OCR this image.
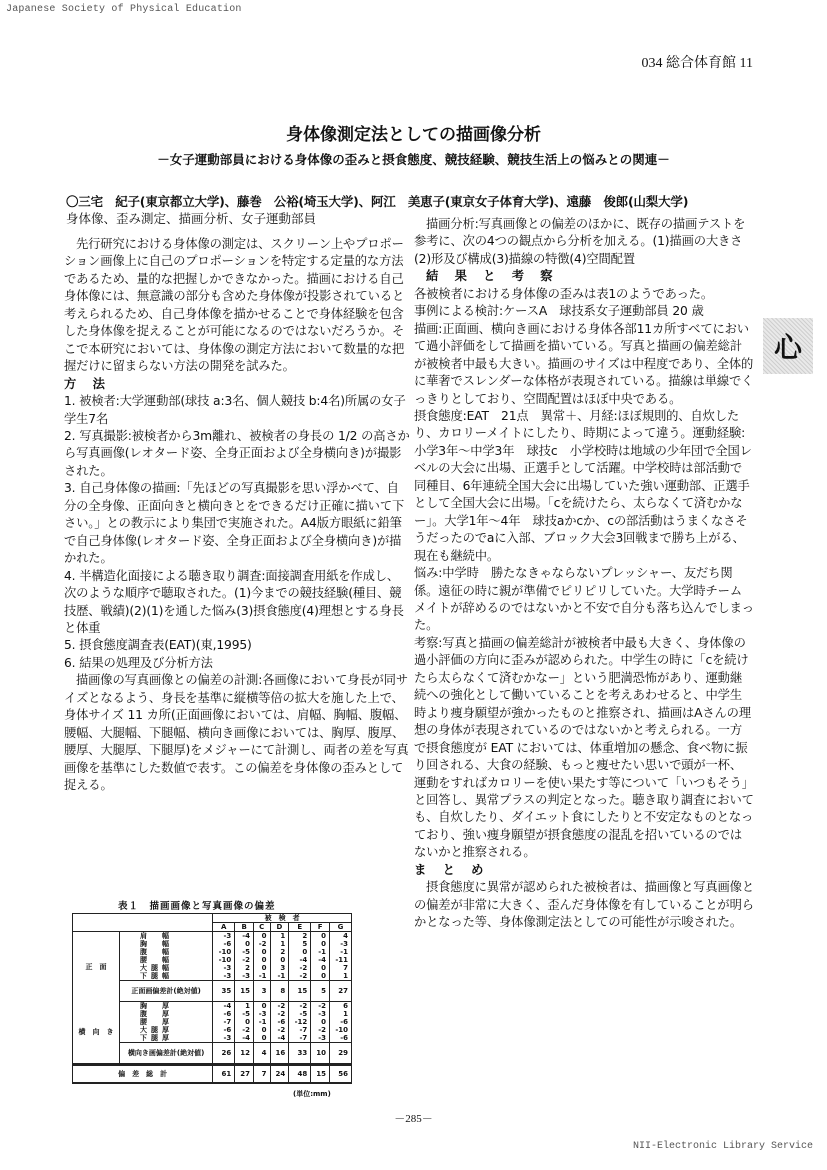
Japanese Society of Physical Education
034 総合体育館 11
身体像測定法としての描画像分析
－女子運動部員における身体像の歪みと摂食態度、競技経験、競技生活上の悩みとの関連－
〇三宅　紀子(東京都立大学)、藤巻　公裕(埼玉大学)、阿江　美恵子(東京女子体育大学)、遠藤　俊郎(山梨大学)
身体像、歪み測定、描画分析、女子運動部員

先行研究における身体像の測定は、スクリーン上やプロポーション画像上に自己のプロポーションを特定する定量的な方法であるため、量的な把握しかできなかった。描画における自己身体像には、無意識の部分も含めた身体像が投影されていると考えられるため、自己身体像を描かせることで身体経験を包含した身体像を捉えることが可能になるのではないだろうか。そこで本研究においては、身体像の測定方法において数量的な把握だけに留まらない方法の開発を試みた。

方 法

1. 被検者:大学運動部(球技 a:3名、個人競技 b:4名)所属の女子学生7名

2. 写真撮影:被検者から3m離れ、被検者の身長の 1/2 の高さから写真画像(レオタード姿、全身正面および全身横向き)が撮影された。

3. 自己身体像の描画:「先ほどの写真撮影を思い浮かべて、自分の全身像、正面向きと横向きとをできるだけ正確に描いて下さい。」との教示により集団で実施された。A4版方眼紙に鉛筆で自己身体像(レオタード姿、全身正面および全身横向き)が描かれた。

4. 半構造化面接による聴き取り調査:面接調査用紙を作成し、次のような順序で聴取された。(1)今までの競技経験(種目、競技歴、戦績)(2)(1)を通した悩み(3)摂食態度(4)理想とする身長と体重

5. 摂食態度調査表(EAT)(東,1995)

6. 結果の処理及び分析方法

描画像の写真画像との偏差の計測:各画像において身長が同サイズとなるよう、身長を基準に縦横等倍の拡大を施した上で、身体サイズ 11 カ所(正面画像においては、肩幅、胸幅、腹幅、腰幅、大腿幅、下腿幅、横向き画像においては、胸厚、腹厚、腰厚、大腿厚、下腿厚)をメジャーにて計測し、両者の差を写真画像を基準にした数値で表す。この偏差を身体像の歪みとして捉える。

表１　描画画像と写真画像の偏差
		被　検　者						
		A	B	C	D	E	F	G
正　面	肩　幅	-3	-4	0	1	2	0	4
	胸　幅	-6	0	-2	1	5	0	-3
	腹　幅	-10	-5	0	2	0	-1	-1
	腰　幅	-10	-2	0	0	-4	-4	-11
	大腿幅	-3	2	0	3	-2	0	7
	下腿幅	-3	-3	-1	-1	-2	0	1
	正面画偏差計(絶対値)	35	15	3	8	15	5	27
横　向　き	胸　厚	-4	1	0	-2	-2	-2	6
	腹　厚	-6	-5	-3	-2	-5	-3	1
	腰　厚	-7	0	-1	-6	-12	0	-6
	大腿厚	-6	-2	0	-2	-7	-2	-10
	下腿厚	-3	-4	0	-4	-7	-3	-6
	横向き画偏差計(絶対値)	26	12	4	16	33	10	29
偏　差　総　計		61	27	7	24	48	15	56
(単位:mm)

描画分析:写真画像との偏差のほかに、既存の描画テストを参考に、次の4つの観点から分析を加える。(1)描画の大きさ(2)形及び構成(3)描線の特徴(4)空間配置

結 果 と 考 察

各被検者における身体像の歪みは表1のようであった。

事例による検討:ケースA　球技系女子運動部員 20 歳

描画:正面画、横向き画における身体各部11カ所すべてにおいて過小評価をして描画を描いている。写真と描画の偏差総計が被検者中最も大きい。描画のサイズは中程度であり、全体的に華奢でスレンダーな体格が表現されている。描線は単線でくっきりとしており、空間配置はほぼ中央である。

摂食態度:EAT　21点　異常＋、月経:ほぼ規則的、自炊したり、カロリーメイトにしたり、時期によって違う。運動経験:小学3年～中学3年　球技c　小学校時は地域の少年団で全国レベルの大会に出場、正選手として活躍。中学校時は部活動で同種目、6年連続全国大会に出場していた強い運動部、正選手として全国大会に出場。「cを続けたら、太らなくて済むかなー」。大学1年～4年　球技aかcか、cの部活動はうまくなさそうだったのでaに入部、ブロック大会3回戦まで勝ち上がる、現在も継続中。

悩み:中学時　勝たなきゃならないプレッシャー、友だち関係。遠征の時に親が準備でピリピリしていた。大学時チームメイトが辞めるのではないかと不安で自分も落ち込んでしまった。

考察:写真と描画の偏差総計が被検者中最も大きく、身体像の過小評価の方向に歪みが認められた。中学生の時に「cを続けたら太らなくて済むかなー」という肥満恐怖があり、運動継続への強化として働いていることを考えあわせると、中学生時より痩身願望が強かったものと推察され、描画はAさんの理想の身体が表現されているのではないかと考えられる。一方で摂食態度が EAT においては、体重増加の懸念、食べ物に振り回される、大食の経験、もっと痩せたい思いで頭が一杯、運動をすればカロリーを使い果たす等について「いつもそう」と回答し、異常プラスの判定となった。聴き取り調査においても、自炊したり、ダイエット食にしたりと不安定なものとなっており、強い痩身願望が摂食態度の混乱を招いているのではないかと推察される。

ま と め

摂食態度に異常が認められた被検者は、描画像と写真画像との偏差が非常に大きく、歪んだ身体像を有していることが明らかとなった等、身体像測定法としての可能性が示唆された。

心
－285－
NII-Electronic Library Service
